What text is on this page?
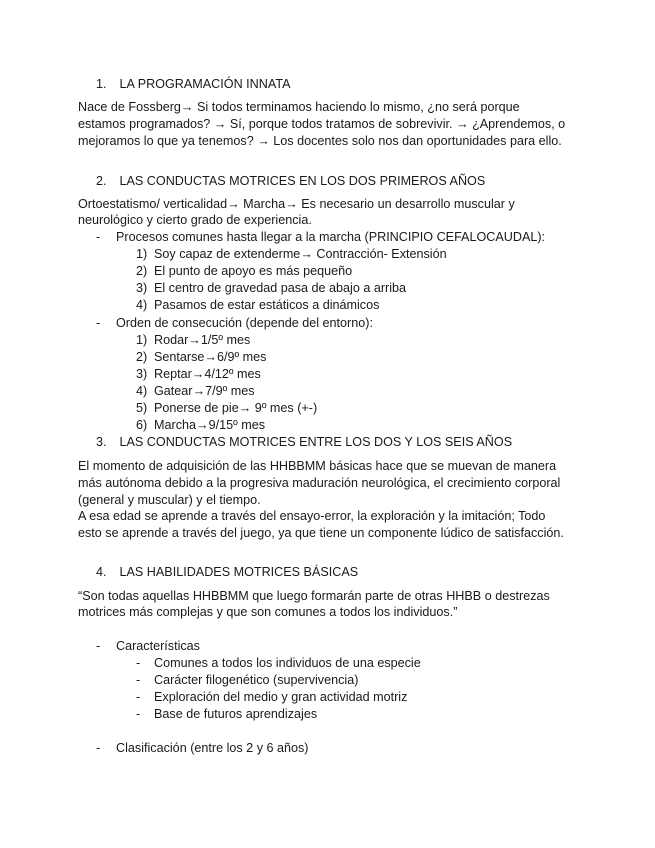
1. LA PROGRAMACIÓN INNATA
Nace de Fossberg→ Si todos terminamos haciendo lo mismo, ¿no será porque
estamos programados? → Sí, porque todos tratamos de sobrevivir. → ¿Aprendemos, o
mejoramos lo que ya tenemos? → Los docentes solo nos dan oportunidades para ello.
2. LAS CONDUCTAS MOTRICES EN LOS DOS PRIMEROS AÑOS
Ortoestatismo/ verticalidad→ Marcha→ Es necesario un desarrollo muscular y
neurológico y cierto grado de experiencia.
- Procesos comunes hasta llegar a la marcha (PRINCIPIO CEFALOCAUDAL):
1) Soy capaz de extenderme→ Contracción- Extensión
2) El punto de apoyo es más pequeño
3) El centro de gravedad pasa de abajo a arriba
4) Pasamos de estar estáticos a dinámicos
- Orden de consecución (depende del entorno):
1) Rodar→1/5º mes
2) Sentarse→6/9º mes
3) Reptar→4/12º mes
4) Gatear→7/9º mes
5) Ponerse de pie→ 9º mes (+-)
6) Marcha→9/15º mes
3. LAS CONDUCTAS MOTRICES ENTRE LOS DOS Y LOS SEIS AÑOS
El momento de adquisición de las HHBBMM básicas hace que se muevan de manera
más autónoma debido a la progresiva maduración neurológica, el crecimiento corporal
(general y muscular) y el tiempo.
A esa edad se aprende a través del ensayo-error, la exploración y la imitación; Todo
esto se aprende a través del juego, ya que tiene un componente lúdico de satisfacción.
4. LAS HABILIDADES MOTRICES BÁSICAS
“Son todas aquellas HHBBMM que luego formarán parte de otras HHBB o destrezas
motrices más complejas y que son comunes a todos los individuos.”
- Características
- Comunes a todos los individuos de una especie
- Carácter filogenético (supervivencia)
- Exploración del medio y gran actividad motriz
- Base de futuros aprendizajes
- Clasificación (entre los 2 y 6 años)
